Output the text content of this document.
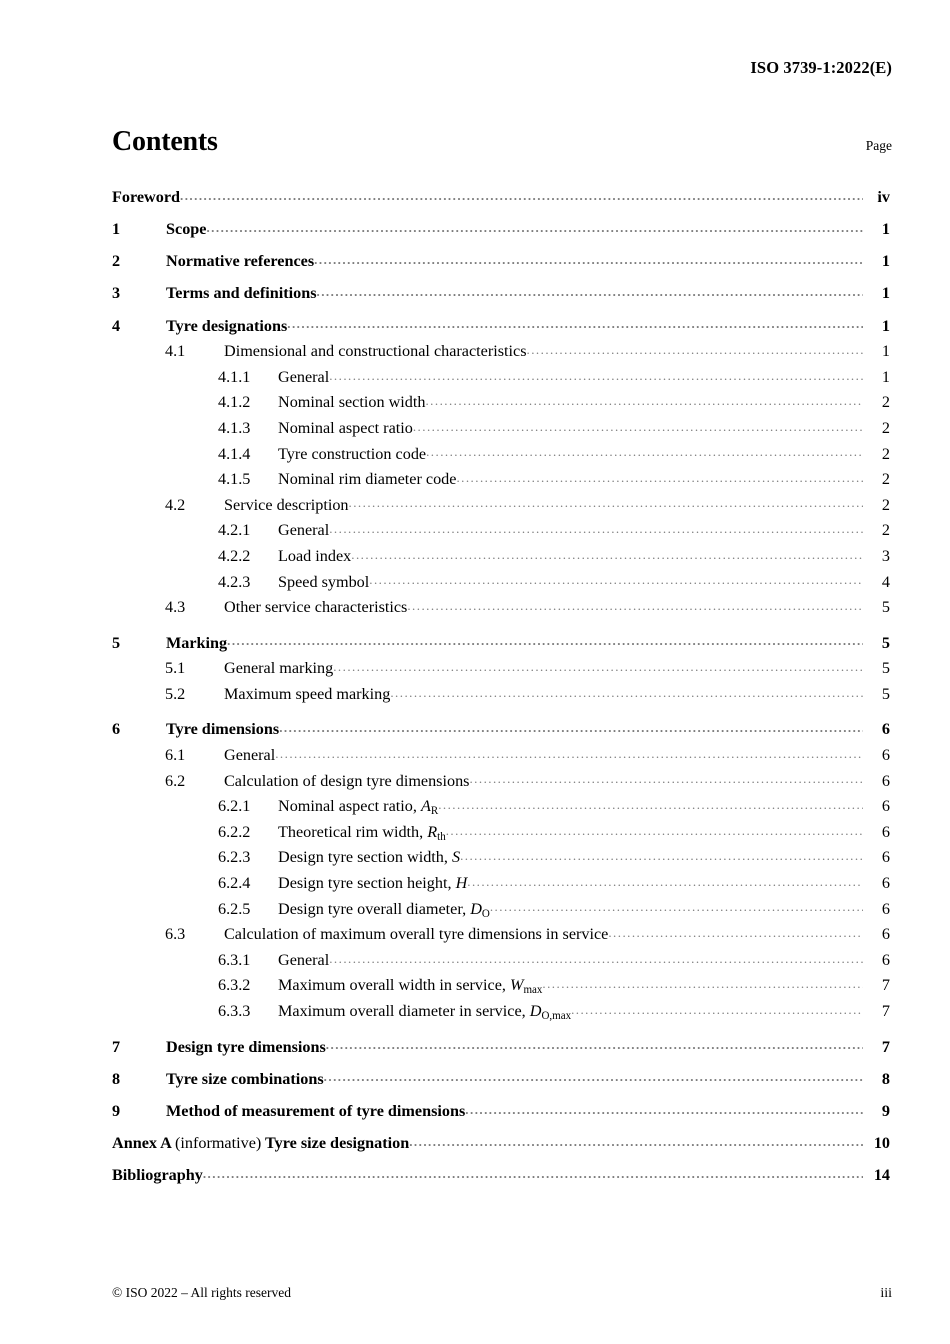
ISO 3739-1:2022(E)
Contents	Page
Foreword . . .	iv
1	Scope . . .	1
2	Normative references . . .	1
3	Terms and definitions . . .	1
4	Tyre designations . . .	1
4.1	Dimensional and constructional characteristics . . .	1
4.1.1	General . . .	1
4.1.2	Nominal section width . . .	2
4.1.3	Nominal aspect ratio . . .	2
4.1.4	Tyre construction code . . .	2
4.1.5	Nominal rim diameter code . . .	2
4.2	Service description . . .	2
4.2.1	General . . .	2
4.2.2	Load index . . .	3
4.2.3	Speed symbol . . .	4
4.3	Other service characteristics . . .	5
5	Marking . . .	5
5.1	General marking . . .	5
5.2	Maximum speed marking . . .	5
6	Tyre dimensions . . .	6
6.1	General . . .	6
6.2	Calculation of design tyre dimensions . . .	6
6.2.1	Nominal aspect ratio, $A_R$ . . .	6
6.2.2	Theoretical rim width, $R_{th}$ . . .	6
6.2.3	Design tyre section width, S . . .	6
6.2.4	Design tyre section height, H . . .	6
6.2.5	Design tyre overall diameter, $D_O$ . . .	6
6.3	Calculation of maximum overall tyre dimensions in service . . .	6
6.3.1	General . . .	6
6.3.2	Maximum overall width in service, $W_{max}$ . . .	7
6.3.3	Maximum overall diameter in service, $D_{O,max}$ . . .	7
7	Design tyre dimensions . . .	7
8	Tyre size combinations . . .	8
9	Method of measurement of tyre dimensions . . .	9
Annex A (informative) Tyre size designation . . .	10
Bibliography . . .	14
© ISO 2022 – All rights reserved	iii
